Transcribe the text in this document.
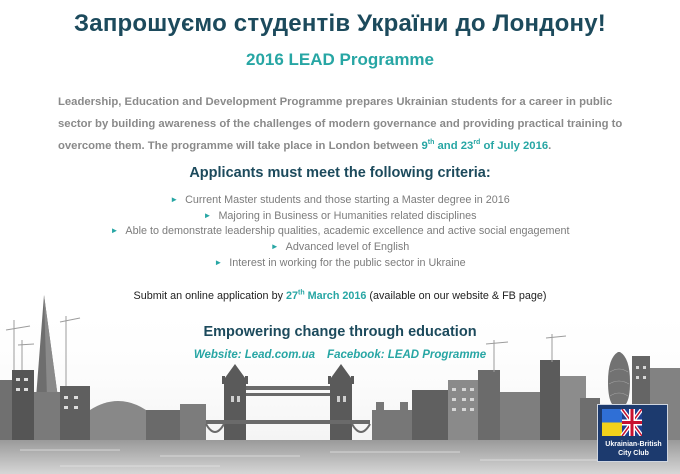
Запрошуємо студентів України до Лондону!
2016 LEAD Programme
Leadership, Education and Development Programme prepares Ukrainian students for a career in public sector by building awareness of the challenges of modern governance and providing practical training to overcome them. The programme will take place in London between 9th and 23rd of July 2016.
Applicants must meet the following criteria:
► Current Master students and those starting a Master degree in 2016
► Majoring in Business or Humanities related disciplines
► Able to demonstrate leadership qualities, academic excellence and active social engagement
► Advanced level of English
► Interest in working for the public sector in Ukraine
Submit an online application by 27th March 2016 (available on our website & FB page)
Empowering change through education
Website: Lead.com.ua Facebook: LEAD Programme
Ukrainian-British
City Club
